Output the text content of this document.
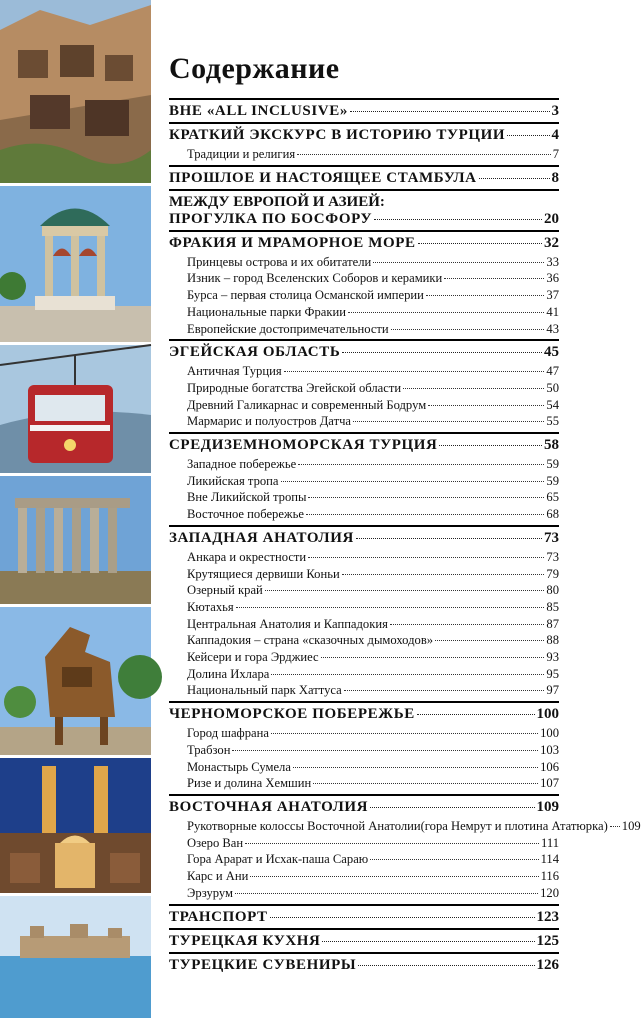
Содержание
ВНЕ «ALL INCLUSIVE»	3
КРАТКИЙ ЭКСКУРС В ИСТОРИЮ ТУРЦИИ	4
Традиции и религия	7
ПРОШЛОЕ И НАСТОЯЩЕЕ СТАМБУЛА	8
МЕЖДУ ЕВРОПОЙ И АЗИЕЙ:
ПРОГУЛКА ПО БОСФОРУ	20
ФРАКИЯ И МРАМОРНОЕ МОРЕ	32
Принцевы острова и их обитатели	33
Изник – город Вселенских Соборов и керамики	36
Бурса – первая столица Османской империи	37
Национальные парки Фракии	41
Европейские достопримечательности	43
ЭГЕЙСКАЯ ОБЛАСТЬ	45
Античная Турция	47
Природные богатства Эгейской области	50
Древний Галикарнас и современный Бодрум	54
Мармарис и полуостров Датча	55
СРЕДИЗЕМНОМОРСКАЯ ТУРЦИЯ	58
Западное побережье	59
Ликийская тропа	59
Вне Ликийской тропы	65
Восточное побережье	68
ЗАПАДНАЯ АНАТОЛИЯ	73
Анкара и окрестности	73
Крутящиеся дервиши Коньи	79
Озерный край	80
Кютахья	85
Центральная Анатолия и Каппадокия	87
Каппадокия – страна «сказочных дымоходов»	88
Кейсери и гора Эрджиес	93
Долина Ихлара	95
Национальный парк Хаттуса	97
ЧЕРНОМОРСКОЕ ПОБЕРЕЖЬЕ	100
Город шафрана	100
Трабзон	103
Монастырь Сумела	106
Ризе и долина Хемшин	107
ВОСТОЧНАЯ АНАТОЛИЯ	109
Рукотворные колоссы Восточной Анатолии (гора Немрут и плотина Ататюрка) 109
Озеро Ван	111
Гора Арарат и Исхак-паша Сараю	114
Карс и Ани	116
Эрзурум	120
ТРАНСПОРТ	123
ТУРЕЦКАЯ КУХНЯ	125
ТУРЕЦКИЕ СУВЕНИРЫ	126
